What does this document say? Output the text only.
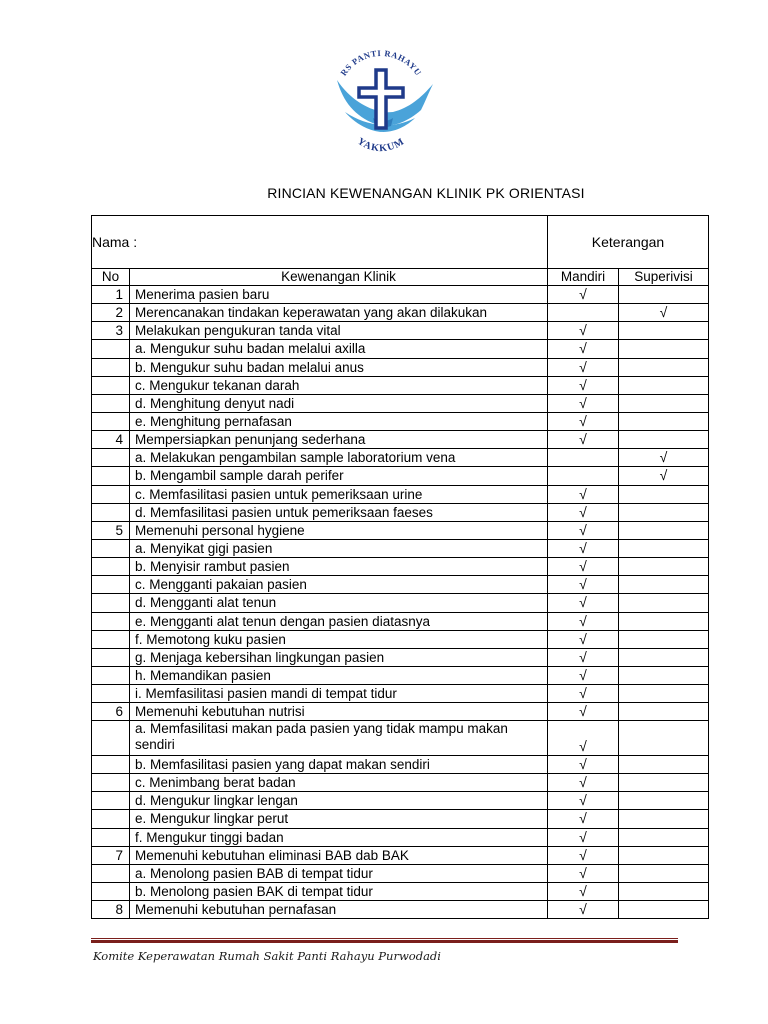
RS PANTI RAHAYU
YAKKUM
RINCIAN KEWENANGAN KLINIK PK ORIENTASI
Nama :		Keterangan	
No	Kewenangan Klinik	Mandiri	Superivisi
1	Menerima pasien baru	√	
2	Merencanakan tindakan keperawatan yang akan dilakukan		√
3	Melakukan pengukuran tanda vital	√	
	a. Mengukur suhu badan melalui axilla	√	
	b. Mengukur suhu badan melalui anus	√	
	c. Mengukur tekanan darah	√	
	d. Menghitung denyut nadi	√	
	e. Menghitung pernafasan	√	
4	Mempersiapkan penunjang sederhana	√	
	a. Melakukan pengambilan sample laboratorium vena		√
	b. Mengambil sample darah perifer		√
	c. Memfasilitasi pasien untuk pemeriksaan urine	√	
	d. Memfasilitasi pasien untuk pemeriksaan faeses	√	
5	Memenuhi personal hygiene	√	
	a. Menyikat gigi pasien	√	
	b. Menyisir rambut pasien	√	
	c. Mengganti pakaian pasien	√	
	d. Mengganti alat tenun	√	
	e. Mengganti alat tenun dengan pasien diatasnya	√	
	f. Memotong kuku pasien	√	
	g. Menjaga kebersihan lingkungan pasien	√	
	h. Memandikan pasien	√	
	i. Memfasilitasi pasien mandi di tempat tidur	√	
6	Memenuhi kebutuhan nutrisi	√	
	a. Memfasilitasi makan pada pasien yang tidak mampu makan sendiri	√	
	b. Memfasilitasi pasien yang dapat makan sendiri	√	
	c. Menimbang berat badan	√	
	d. Mengukur lingkar lengan	√	
	e. Mengukur lingkar perut	√	
	f. Mengukur tinggi badan	√	
7	Memenuhi kebutuhan eliminasi BAB dab BAK	√	
	a. Menolong pasien BAB di tempat tidur	√	
	b. Menolong pasien BAK di tempat tidur	√	
8	Memenuhi kebutuhan pernafasan	√	
Komite Keperawatan Rumah Sakit Panti Rahayu Purwodadi
